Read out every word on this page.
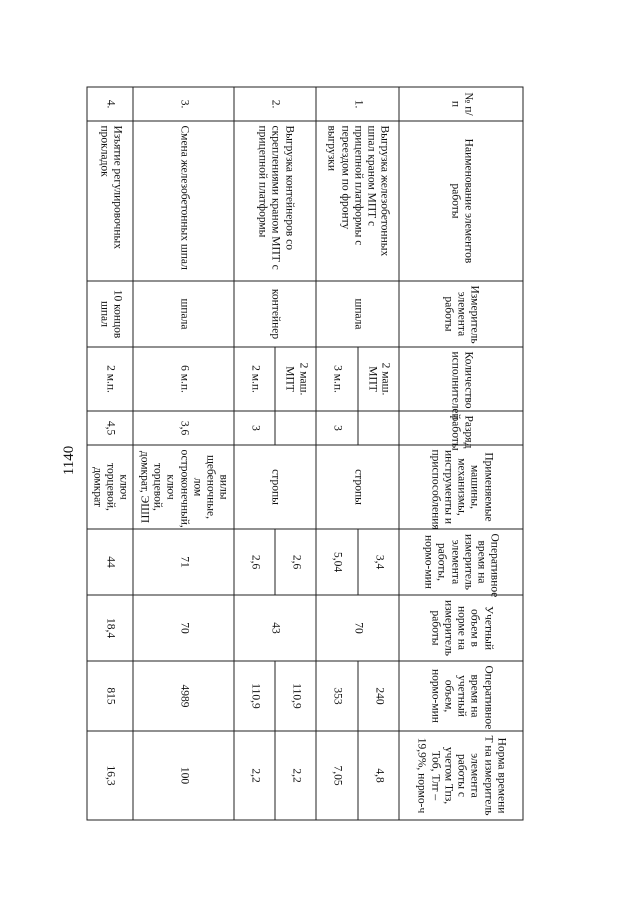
1140
№ п/п	Наименование элементов работы	Измеритель элемента работы	Количество исполнителей	Разряд работы	Применяемые машины, механизмы, инструменты и приспособления	Оперативное время на измеритель элемента работы, нормо-мин	Учетный объем в норме на измеритель работы	Оперативное время на учетный объем, нормо-мин	Норма времени Т на измеритель элемента работы с учетом Тпз, Тоб, Тлт – 19,9%, нормо-ч
1.	Выгрузка железобетонных шпал краном МПТ с прицепной платформы с переездом по фронту выгрузки	шпала	2 маш. МПТ		стропы	3,4	70	240	4,8
			3 м.п.	3		5,04		353	7,05
2.	Выгрузка контейнеров со скреплениями краном МПТ с прицепной платформы	контейнер	2 маш. МПТ		стропы	2,6	43	110,9	2,2
			2 м.п.	3		2,6		110,9	2,2
3.	Смена железобетонных шпал	шпала	6 м.п.	3,6	вилы щебеночные, лом остроконечный, ключ торцевой, домкрат, ЭШП	71	70	4989	100
4.	Изъятие регулировочных прокладок	10 концов шпал	2 м.п.	4,5	ключ торцевой, домкрат	44	18,4	815	16,3
